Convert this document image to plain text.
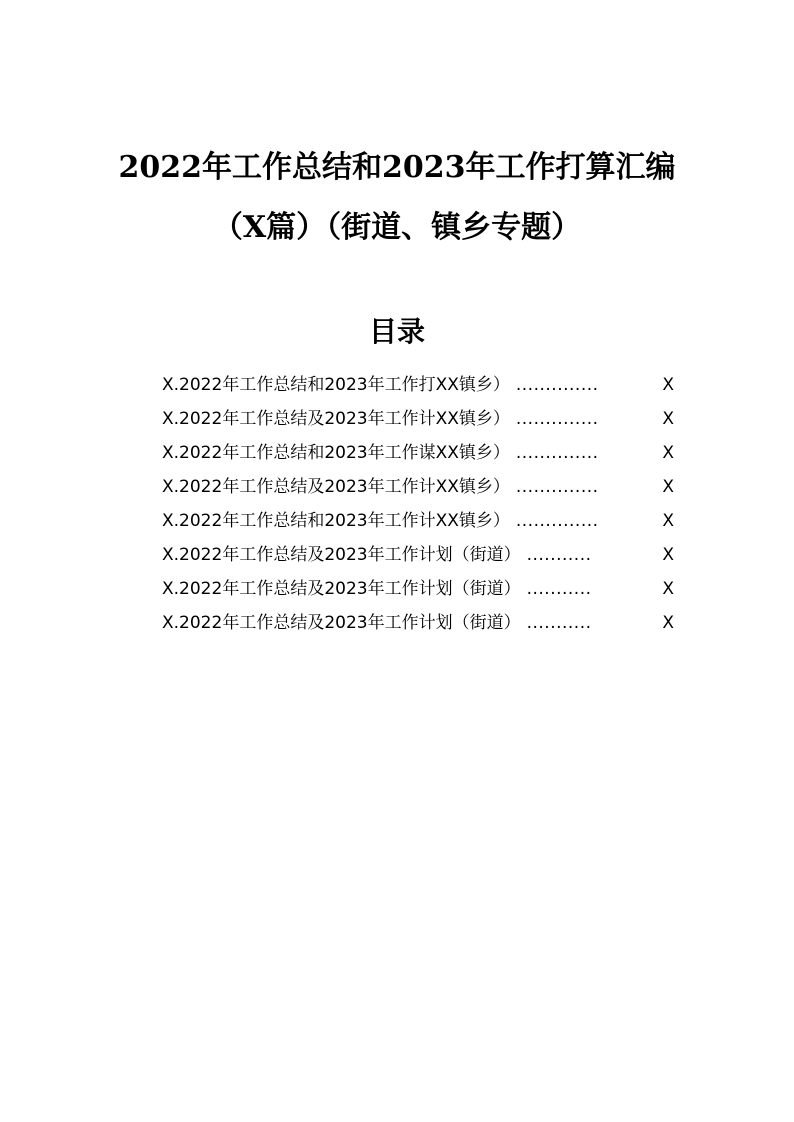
2022年工作总结和2023年工作打算汇编
（X篇）（街道、镇乡专题）
目录
X.2022年工作总结和2023年工作打XX镇乡） ..............	X
X.2022年工作总结及2023年工作计XX镇乡） ..............	X
X.2022年工作总结和2023年工作谋XX镇乡） ..............	X
X.2022年工作总结及2023年工作计XX镇乡） ..............	X
X.2022年工作总结和2023年工作计XX镇乡） ..............	X
X.2022年工作总结及2023年工作计划（街道） ...........	X
X.2022年工作总结及2023年工作计划（街道） ...........	X
X.2022年工作总结及2023年工作计划（街道） ...........	X
